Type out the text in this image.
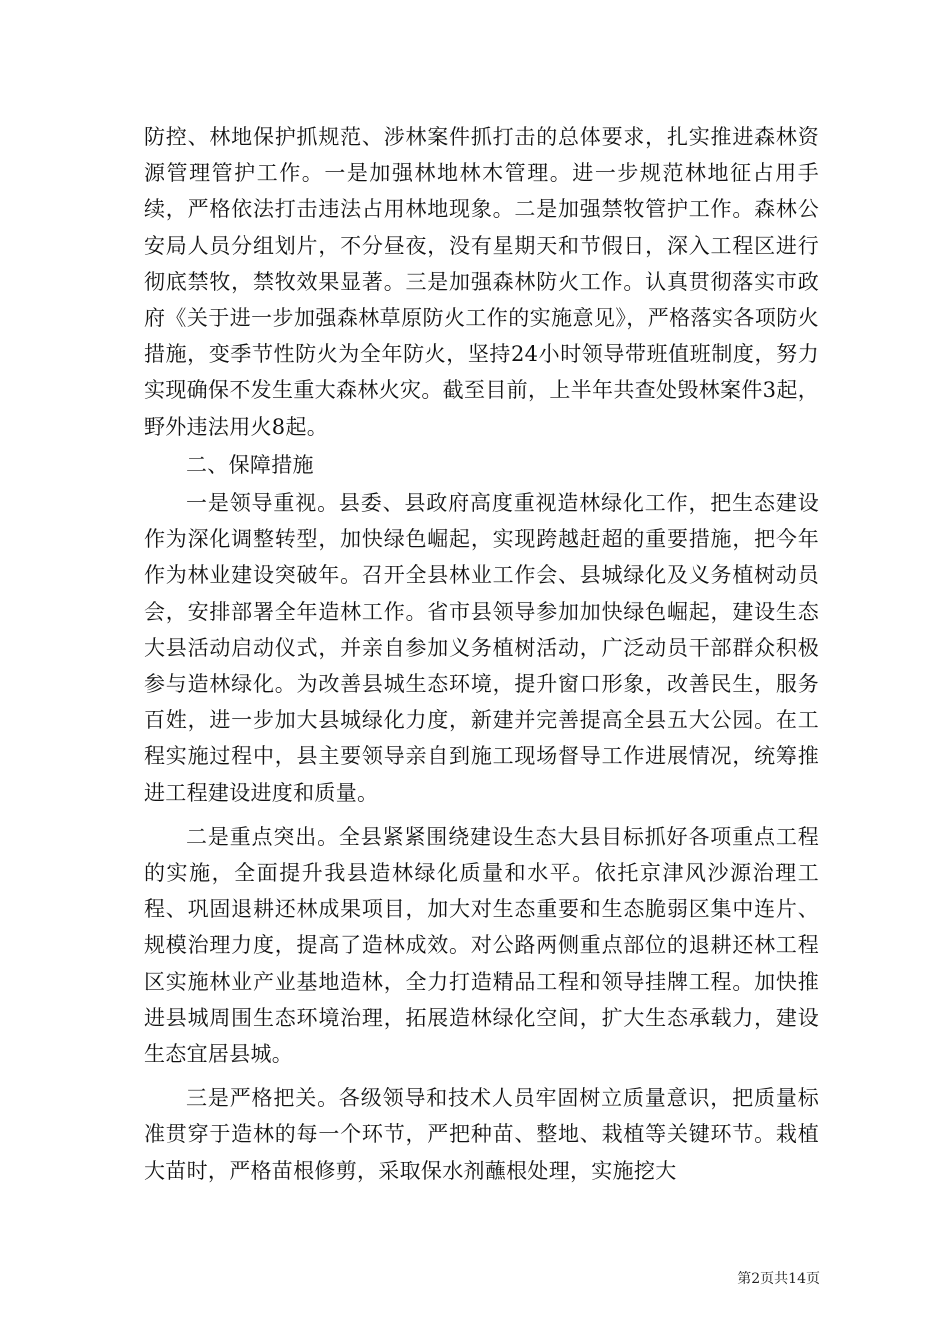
防控、林地保护抓规范、涉林案件抓打击的总体要求，扎实推进森林资源管理管护工作。一是加强林地林木管理。进一步规范林地征占用手续，严格依法打击违法占用林地现象。二是加强禁牧管护工作。森林公安局人员分组划片，不分昼夜，没有星期天和节假日，深入工程区进行彻底禁牧，禁牧效果显著。三是加强森林防火工作。认真贯彻落实市政府《关于进一步加强森林草原防火工作的实施意见》，严格落实各项防火措施，变季节性防火为全年防火，坚持24小时领导带班值班制度，努力实现确保不发生重大森林火灾。截至目前，上半年共查处毁林案件3起，野外违法用火8起。

二、保障措施

一是领导重视。县委、县政府高度重视造林绿化工作，把生态建设作为深化调整转型，加快绿色崛起，实现跨越赶超的重要措施，把今年作为林业建设突破年。召开全县林业工作会、县城绿化及义务植树动员会，安排部署全年造林工作。省市县领导参加加快绿色崛起，建设生态大县活动启动仪式，并亲自参加义务植树活动，广泛动员干部群众积极参与造林绿化。为改善县城生态环境，提升窗口形象，改善民生，服务百姓，进一步加大县城绿化力度，新建并完善提高全县五大公园。在工程实施过程中，县主要领导亲自到施工现场督导工作进展情况，统筹推进工程建设进度和质量。

二是重点突出。全县紧紧围绕建设生态大县目标抓好各项重点工程的实施，全面提升我县造林绿化质量和水平。依托京津风沙源治理工程、巩固退耕还林成果项目，加大对生态重要和生态脆弱区集中连片、规模治理力度，提高了造林成效。对公路两侧重点部位的退耕还林工程区实施林业产业基地造林，全力打造精品工程和领导挂牌工程。加快推进县城周围生态环境治理，拓展造林绿化空间，扩大生态承载力，建设生态宜居县城。

三是严格把关。各级领导和技术人员牢固树立质量意识，把质量标准贯穿于造林的每一个环节，严把种苗、整地、栽植等关键环节。栽植大苗时，严格苗根修剪，采取保水剂蘸根处理，实施挖大

第2页共14页
